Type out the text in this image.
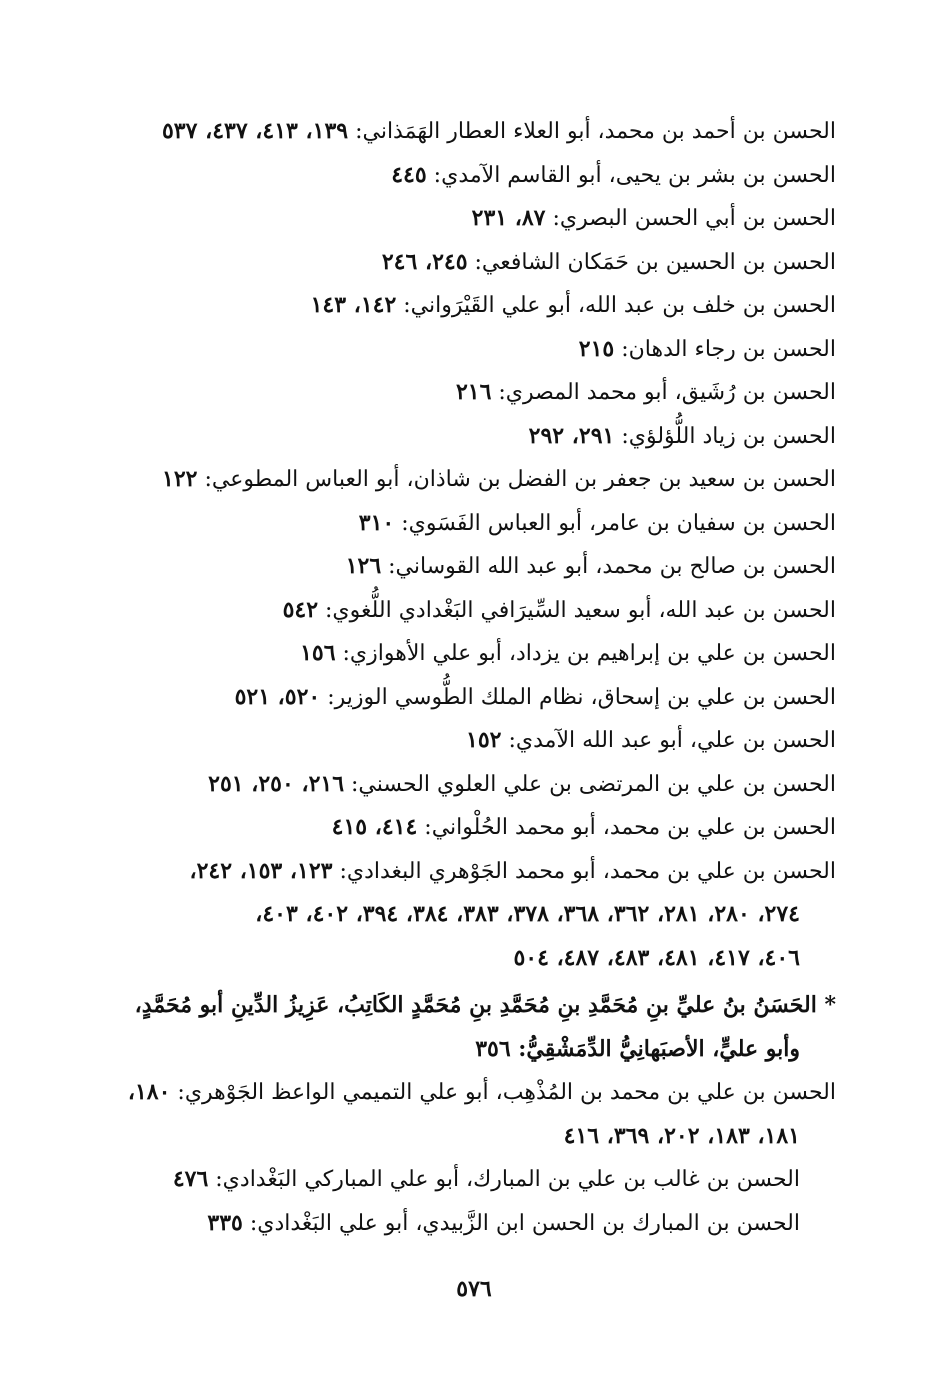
الحسن بن أحمد بن محمد، أبو العلاء العطار الهَمَذاني: ١٣٩، ٤١٣، ٤٣٧، ٥٣٧
الحسن بن بشر بن يحيى، أبو القاسم الآمدي: ٤٤٥
الحسن بن أبي الحسن البصري: ٨٧، ٢٣١
الحسن بن الحسين بن حَمَكان الشافعي: ٢٤٥، ٢٤٦
الحسن بن خلف بن عبد الله، أبو علي القَيْرَواني: ١٤٢، ١٤٣
الحسن بن رجاء الدهان: ٢١٥
الحسن بن رُشَيق، أبو محمد المصري: ٢١٦
الحسن بن زياد اللُّؤلؤي: ٢٩١، ٢٩٢
الحسن بن سعيد بن جعفر بن الفضل بن شاذان، أبو العباس المطوعي: ١٢٢
الحسن بن سفيان بن عامر، أبو العباس الفَسَوي: ٣١٠
الحسن بن صالح بن محمد، أبو عبد الله القوساني: ١٢٦
الحسن بن عبد الله، أبو سعيد السِّيرَافي البَغْدادي اللُّغوي: ٥٤٢
الحسن بن علي بن إبراهيم بن يزداد، أبو علي الأهوازي: ١٥٦
الحسن بن علي بن إسحاق، نظام الملك الطُّوسي الوزير: ٥٢٠، ٥٢١
الحسن بن علي، أبو عبد الله الآمدي: ١٥٢
الحسن بن علي بن المرتضى بن علي العلوي الحسني: ٢١٦، ٢٥٠، ٢٥١
الحسن بن علي بن محمد، أبو محمد الحُلْواني: ٤١٤، ٤١٥
الحسن بن علي بن محمد، أبو محمد الجَوْهري البغدادي: ١٢٣، ١٥٣، ٢٤٢،
٢٧٤، ٢٨٠، ٢٨١، ٣٦٢، ٣٦٨، ٣٧٨، ٣٨٣، ٣٨٤، ٣٩٤، ٤٠٢، ٤٠٣،
٤٠٦، ٤١٧، ٤٨١، ٤٨٣، ٤٨٧، ٥٠٤
* الحَسَنُ بنُ عليِّ بنِ مُحَمَّدِ بنِ مُحَمَّدِ بنِ مُحَمَّدٍ الكَاتِبُ، عَزِيزُ الدِّينِ أبو مُحَمَّدٍ،
وأبو عليٍّ، الأصبَهانِيُّ الدِّمَشْقِيُّ: ٣٥٦
الحسن بن علي بن محمد بن المُذْهِب، أبو علي التميمي الواعظ الجَوْهري: ١٨٠،
١٨١، ١٨٣، ٢٠٢، ٣٦٩، ٤١٦
الحسن بن غالب بن علي بن المبارك، أبو علي المباركي البَغْدادي: ٤٧٦
الحسن بن المبارك بن الحسن ابن الزَّبيدي، أبو علي البَغْدادي: ٣٣٥
٥٧٦
